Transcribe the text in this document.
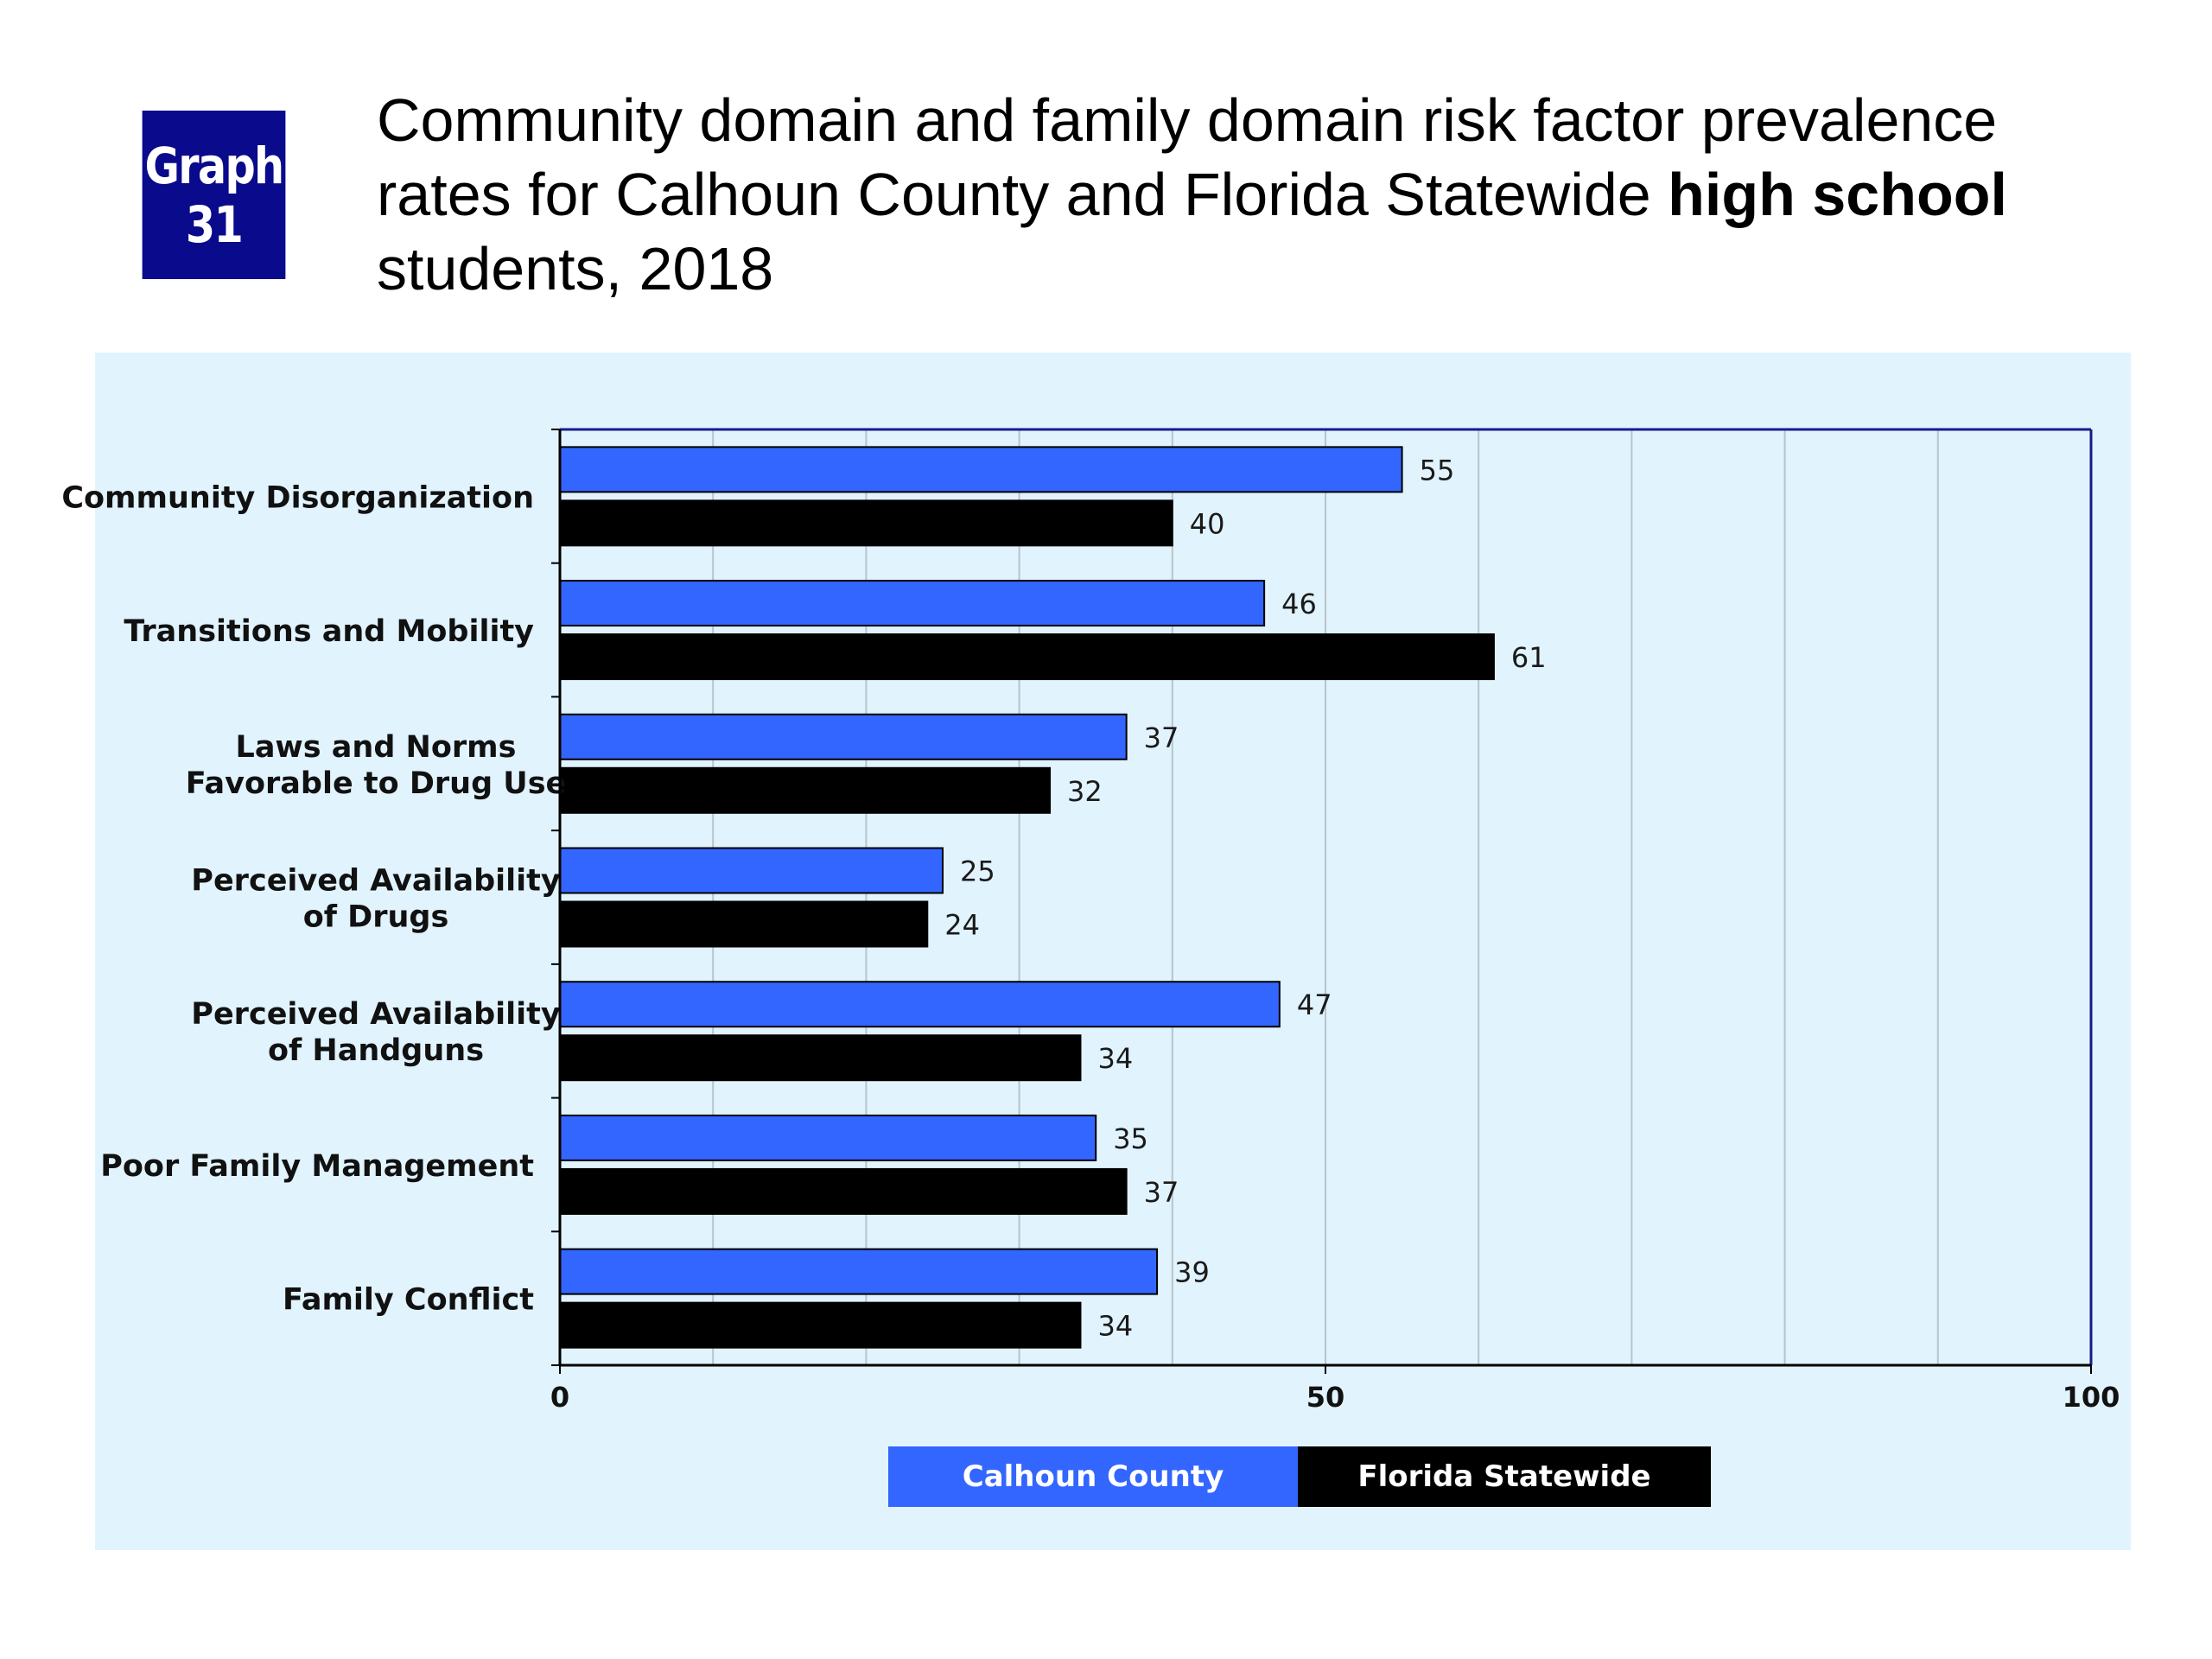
Graph
31
Community domain and family domain risk factor prevalence rates for Calhoun County and Florida Statewide high school students, 2018
55
40
Community Disorganization
46
61
Transitions and Mobility
37
32
Laws and Norms
Favorable to Drug Use
25
24
Perceived Availability
of Drugs
47
34
Perceived Availability
of Handguns
35
37
Poor Family Management
39
34
Family Conflict
0	50	100
Calhoun County	Florida Statewide
